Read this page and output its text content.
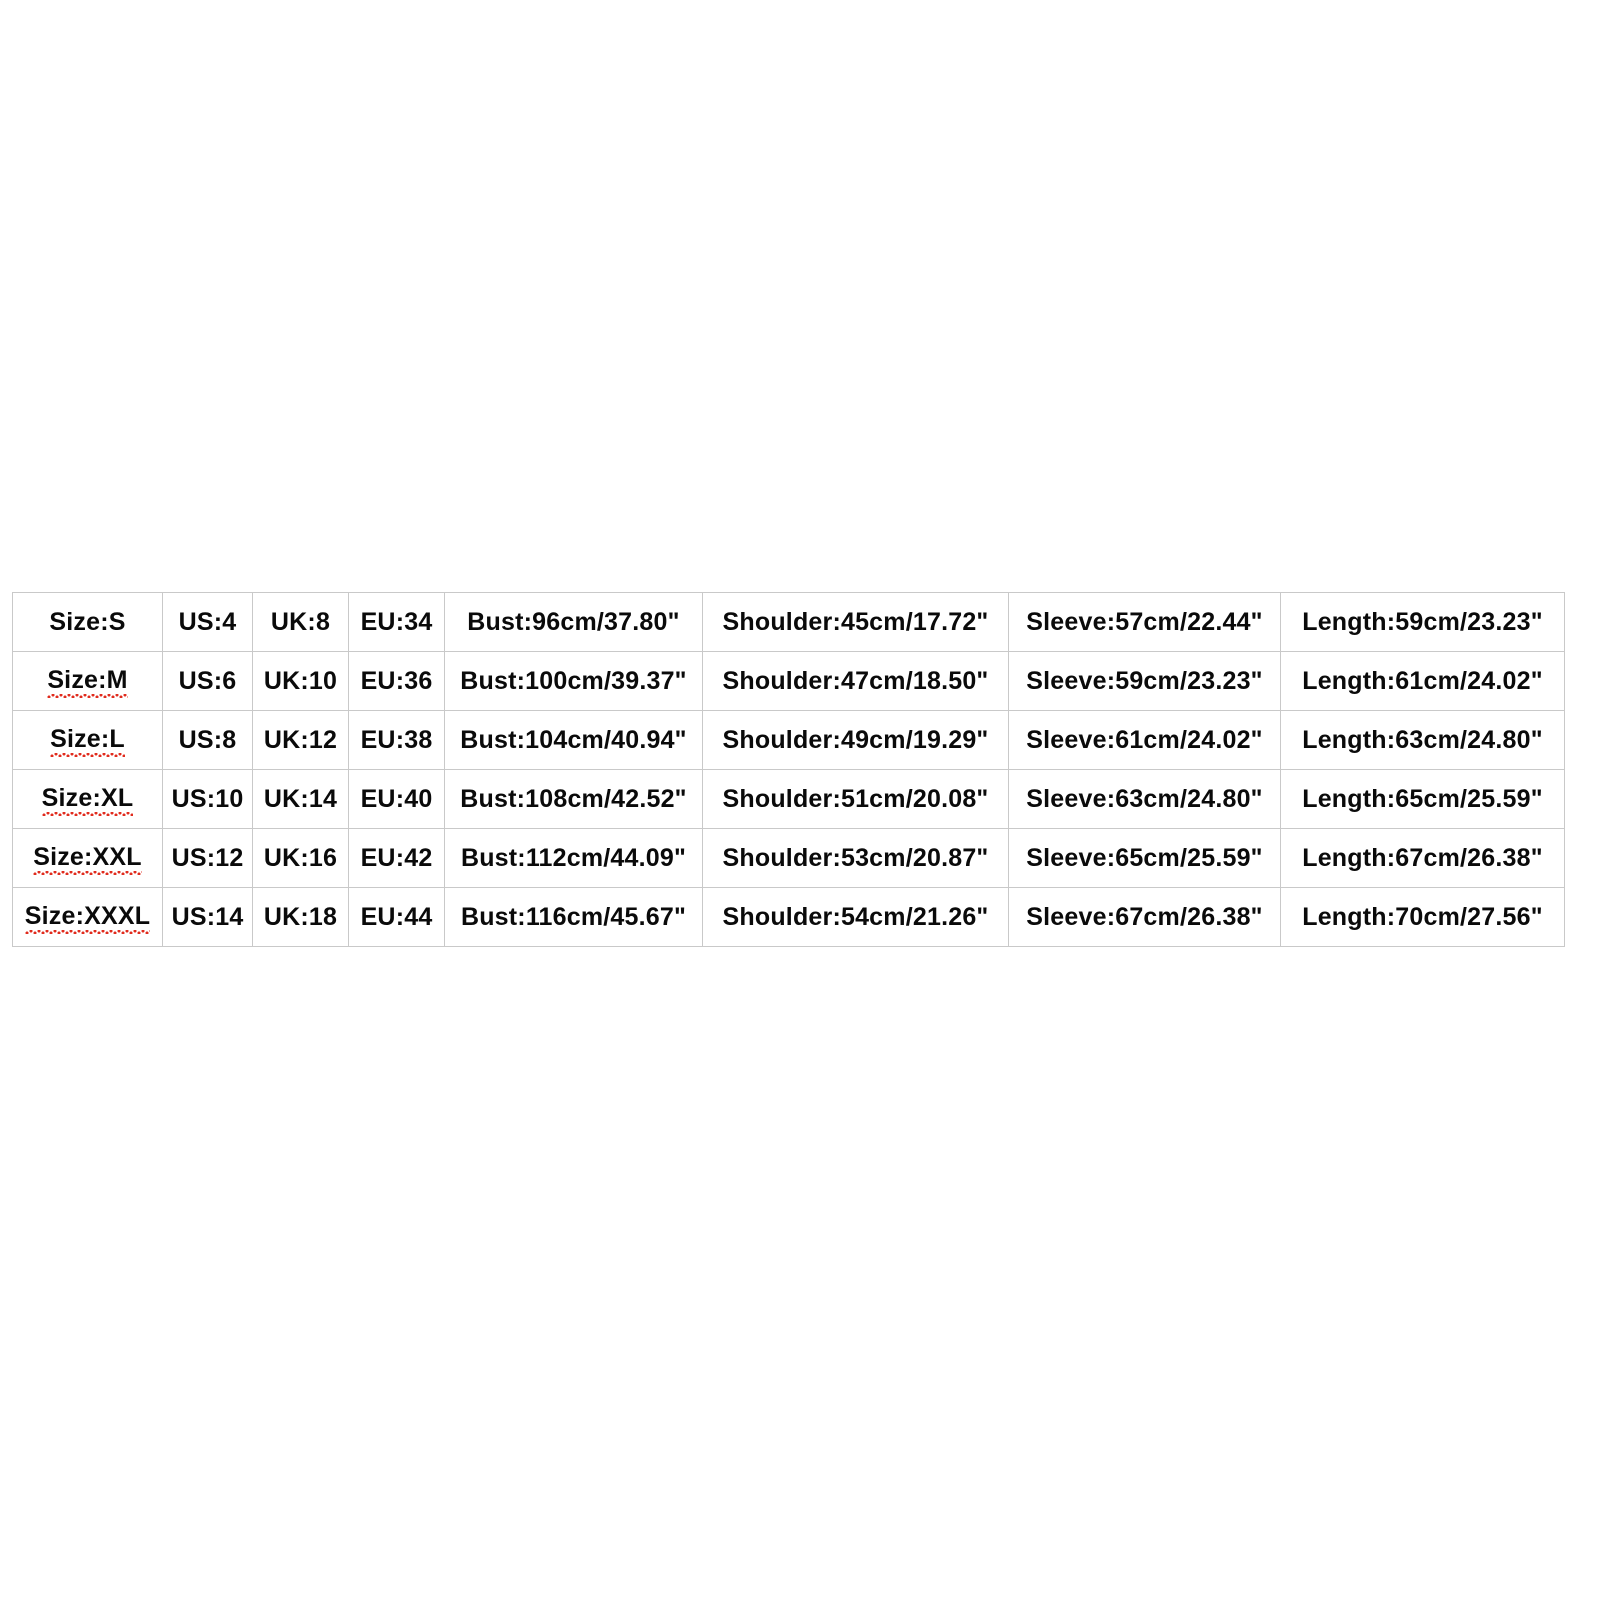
Size:S	US:4	UK:8	EU:34	Bust:96cm/37.80"	Shoulder:45cm/17.72"	Sleeve:57cm/22.44"	Length:59cm/23.23"
Size:M	US:6	UK:10	EU:36	Bust:100cm/39.37"	Shoulder:47cm/18.50"	Sleeve:59cm/23.23"	Length:61cm/24.02"
Size:L	US:8	UK:12	EU:38	Bust:104cm/40.94"	Shoulder:49cm/19.29"	Sleeve:61cm/24.02"	Length:63cm/24.80"
Size:XL	US:10	UK:14	EU:40	Bust:108cm/42.52"	Shoulder:51cm/20.08"	Sleeve:63cm/24.80"	Length:65cm/25.59"
Size:XXL	US:12	UK:16	EU:42	Bust:112cm/44.09"	Shoulder:53cm/20.87"	Sleeve:65cm/25.59"	Length:67cm/26.38"
Size:XXXL	US:14	UK:18	EU:44	Bust:116cm/45.67"	Shoulder:54cm/21.26"	Sleeve:67cm/26.38"	Length:70cm/27.56"
